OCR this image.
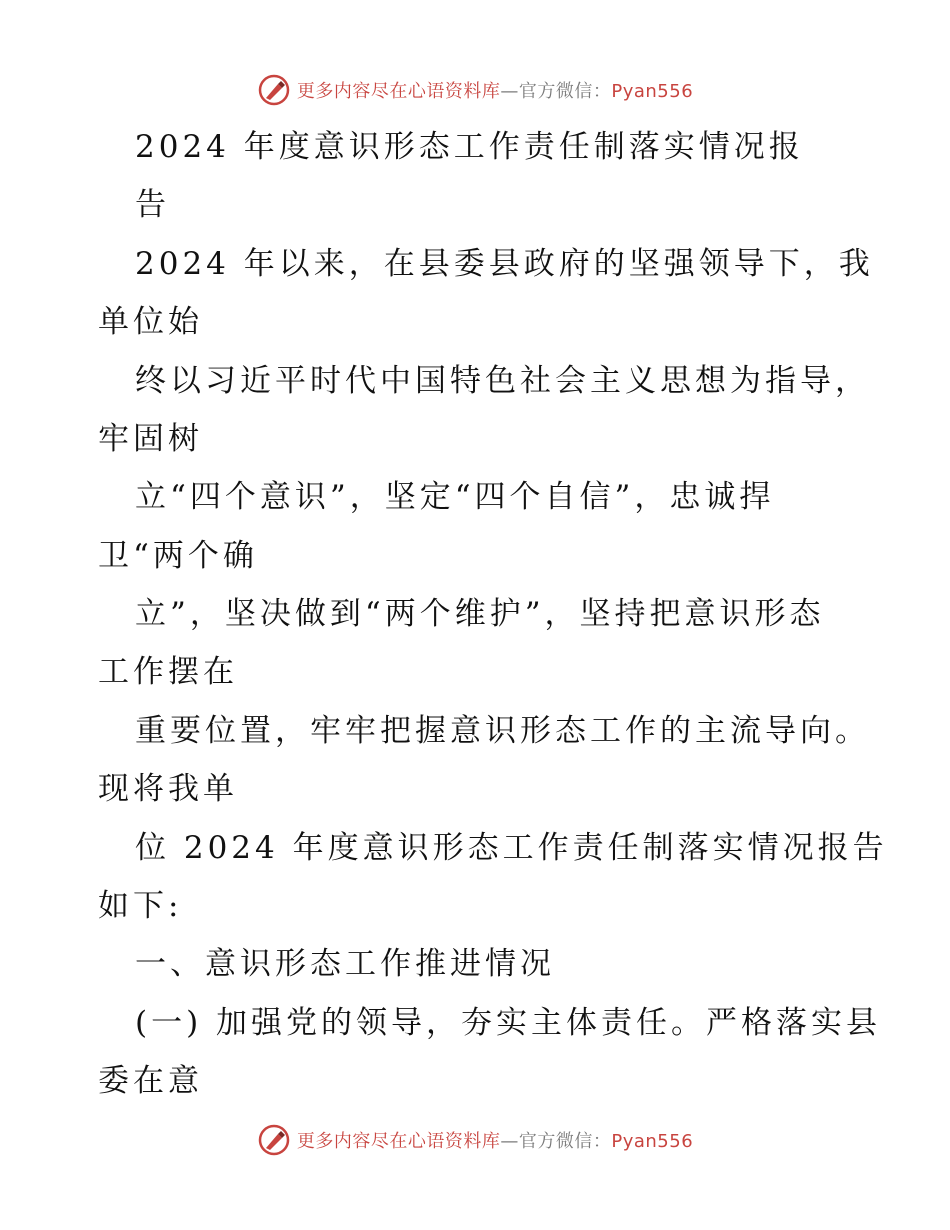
更多内容尽在心语资料库—官方微信：Pyan556
2024 年度意识形态工作责任制落实情况报
告
2024 年以来，在县委县政府的坚强领导下，我
单位始
终以习近平时代中国特色社会主义思想为指导，
牢固树
立“四个意识”，坚定“四个自信”，忠诚捍
卫“两个确
立”，坚决做到“两个维护”，坚持把意识形态
工作摆在
重要位置，牢牢把握意识形态工作的主流导向。
现将我单
位 2024 年度意识形态工作责任制落实情况报告
如下:
一、意识形态工作推进情况
(一) 加强党的领导，夯实主体责任。严格落实县
委在意
更多内容尽在心语资料库—官方微信：Pyan556
